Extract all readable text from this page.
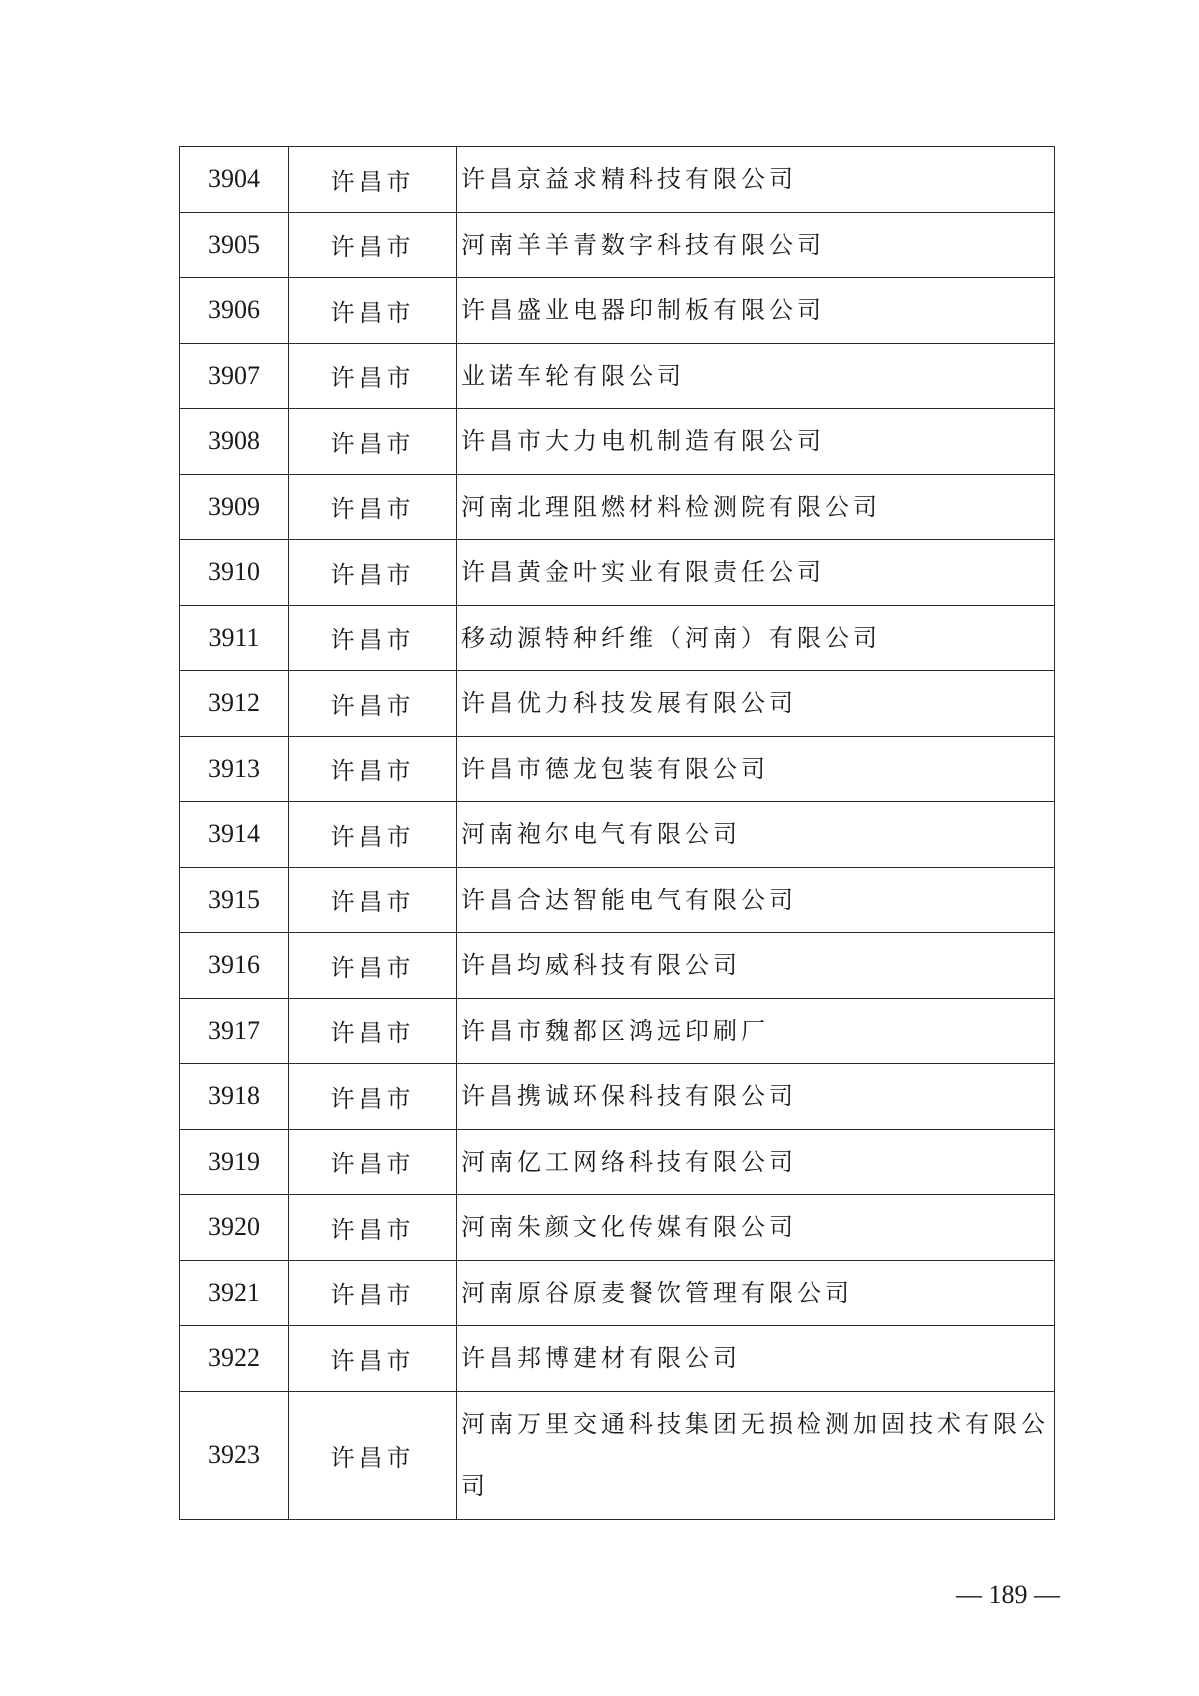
3904	许昌市	许昌京益求精科技有限公司
3905	许昌市	河南羊羊青数字科技有限公司
3906	许昌市	许昌盛业电器印制板有限公司
3907	许昌市	业诺车轮有限公司
3908	许昌市	许昌市大力电机制造有限公司
3909	许昌市	河南北理阻燃材料检测院有限公司
3910	许昌市	许昌黄金叶实业有限责任公司
3911	许昌市	移动源特种纤维（河南）有限公司
3912	许昌市	许昌优力科技发展有限公司
3913	许昌市	许昌市德龙包装有限公司
3914	许昌市	河南袍尔电气有限公司
3915	许昌市	许昌合达智能电气有限公司
3916	许昌市	许昌均威科技有限公司
3917	许昌市	许昌市魏都区鸿远印刷厂
3918	许昌市	许昌携诚环保科技有限公司
3919	许昌市	河南亿工网络科技有限公司
3920	许昌市	河南朱颜文化传媒有限公司
3921	许昌市	河南原谷原麦餐饮管理有限公司
3922	许昌市	许昌邦博建材有限公司
3923	许昌市	河南万里交通科技集团无损检测加固技术有限公司
— 189 —
